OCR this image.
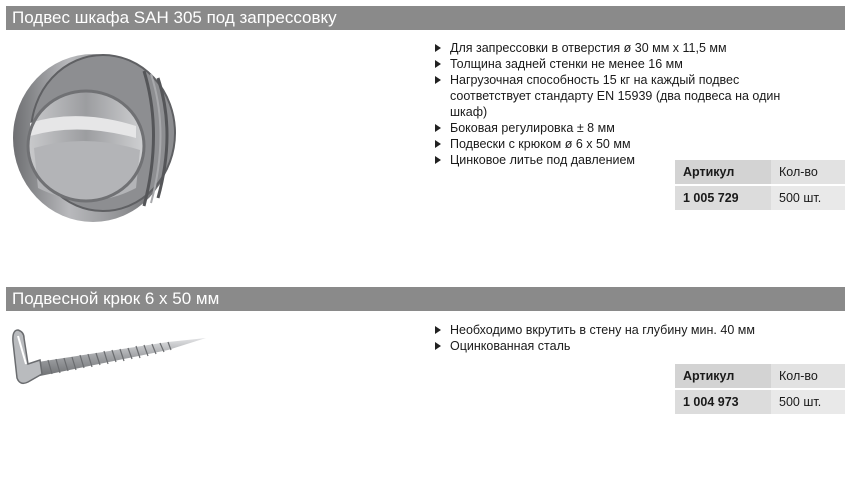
Подвес шкафа SAH 305 под запрессовку
Для запрессовки в отверстия ø 30 мм x 11,5 мм
Толщина задней стенки не менее 16 мм
Нагрузочная способность 15 кг на каждый подвес соответствует стандарту EN 15939 (два подвеса на один шкаф)
Боковая регулировка ± 8 мм
Подвески с крюком ø 6 x 50 мм
Цинковое литье под давлением
Артикул	Кол-во

1 005 729	500 шт.
Подвесной крюк 6 x 50 мм
Необходимо вкрутить в стену на глубину мин. 40 мм
Оцинкованная сталь
Артикул	Кол-во

1 004 973	500 шт.
